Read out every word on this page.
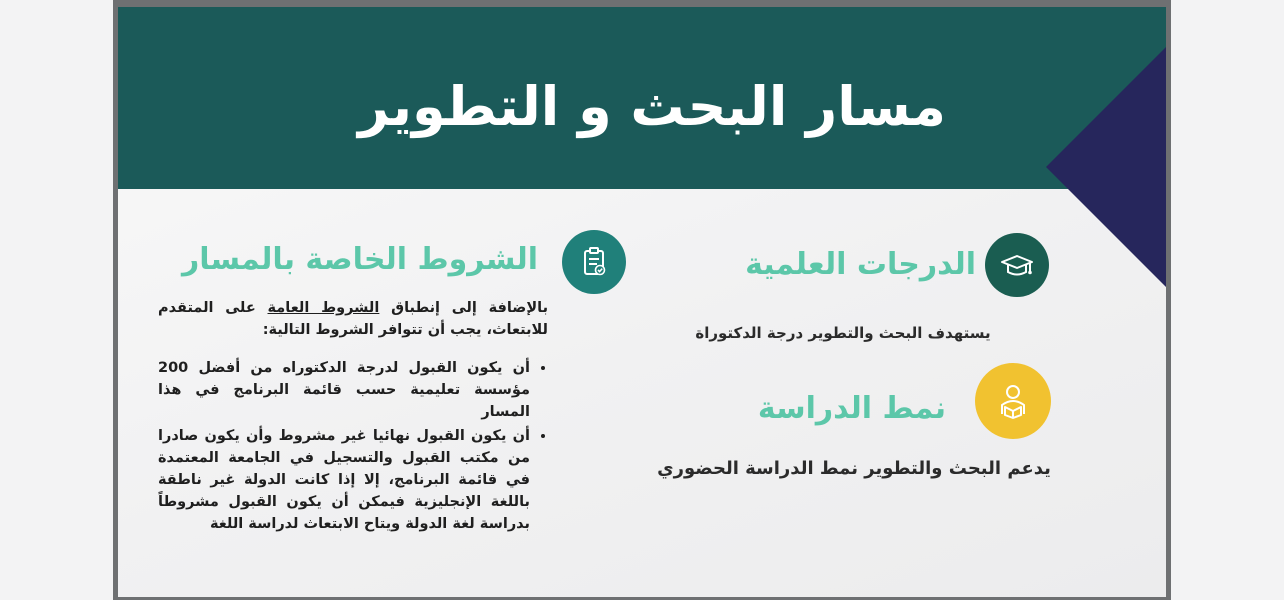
مسار البحث و التطوير
الدرجات العلمية
يستهدف البحث والتطوير درجة الدكتوراة
نمط الدراسة
يدعم البحث والتطوير نمط الدراسة الحضوري
الشروط الخاصة بالمسار

بالإضافة إلى إنطباق الشروط العامة على المتقدم للابتعاث، يجب أن تتوافر الشروط التالية:

• أن يكون القبول لدرجة الدكتوراه من أفضل 200 مؤسسة تعليمية حسب قائمة البرنامج في هذا المسار
• أن يكون القبول نهائيا غير مشروط وأن يكون صادرا من مكتب القبول والتسجيل في الجامعة المعتمدة في قائمة البرنامج، إلا إذا كانت الدولة غير ناطقة باللغة الإنجليزية فيمكن أن يكون القبول مشروطاً بدراسة لغة الدولة ويتاح الابتعاث لدراسة اللغة
